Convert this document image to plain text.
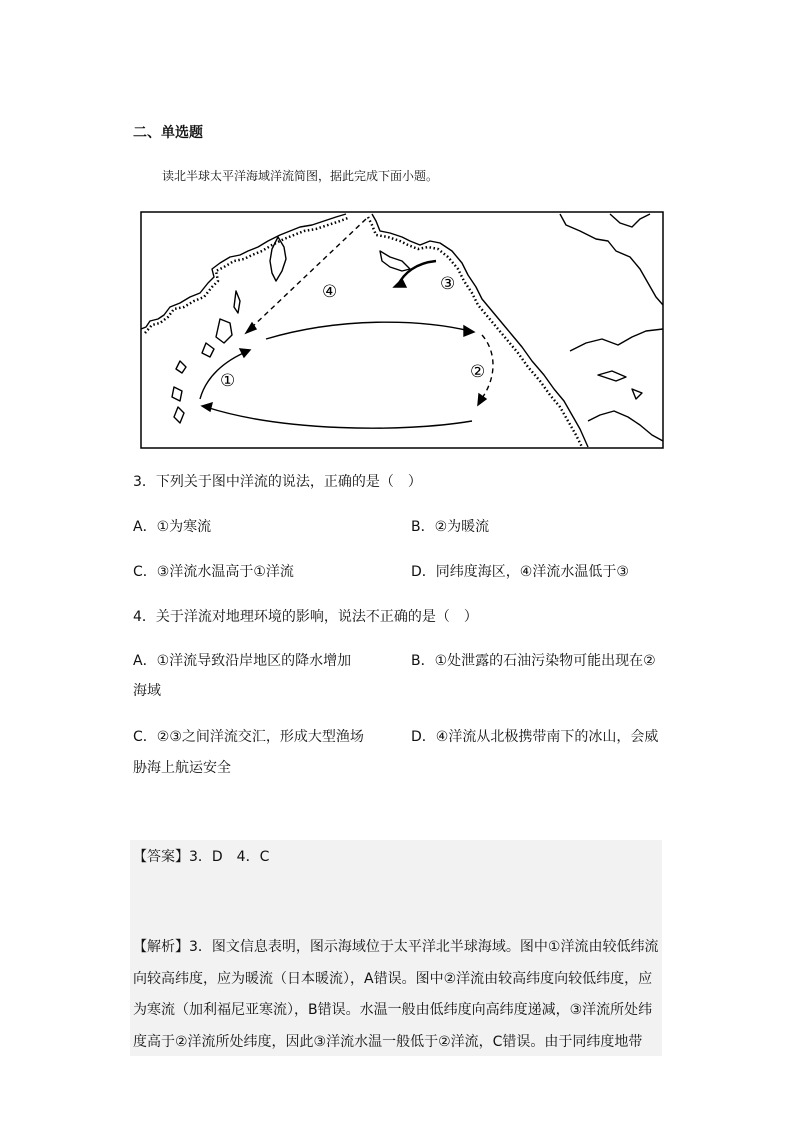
二、单选题
读北半球太平洋海域洋流简图，据此完成下面小题。
①	②
③
④
3．下列关于图中洋流的说法，正确的是（　）
A．①为寒流	B．②为暖流
C．③洋流水温高于①洋流	D．同纬度海区，④洋流水温低于③
4．关于洋流对地理环境的影响，说法不正确的是（　）
A．①洋流导致沿岸地区的降水增加
海域
B．①处泄露的石油污染物可能出现在②
C．②③之间洋流交汇，形成大型渔场	D．④洋流从北极携带南下的冰山，会威
胁海上航运安全
【答案】3．D　4．C
【解析】3．图文信息表明，图示海域位于太平洋北半球海域。图中①洋流由较低纬流
向较高纬度，应为暖流（日本暖流），A错误。图中②洋流由较高纬度向较低纬度，应
为寒流（加利福尼亚寒流），B错误。水温一般由低纬度向高纬度递减，③洋流所处纬
度高于②洋流所处纬度，因此③洋流水温一般低于②洋流，C错误。由于同纬度地带
